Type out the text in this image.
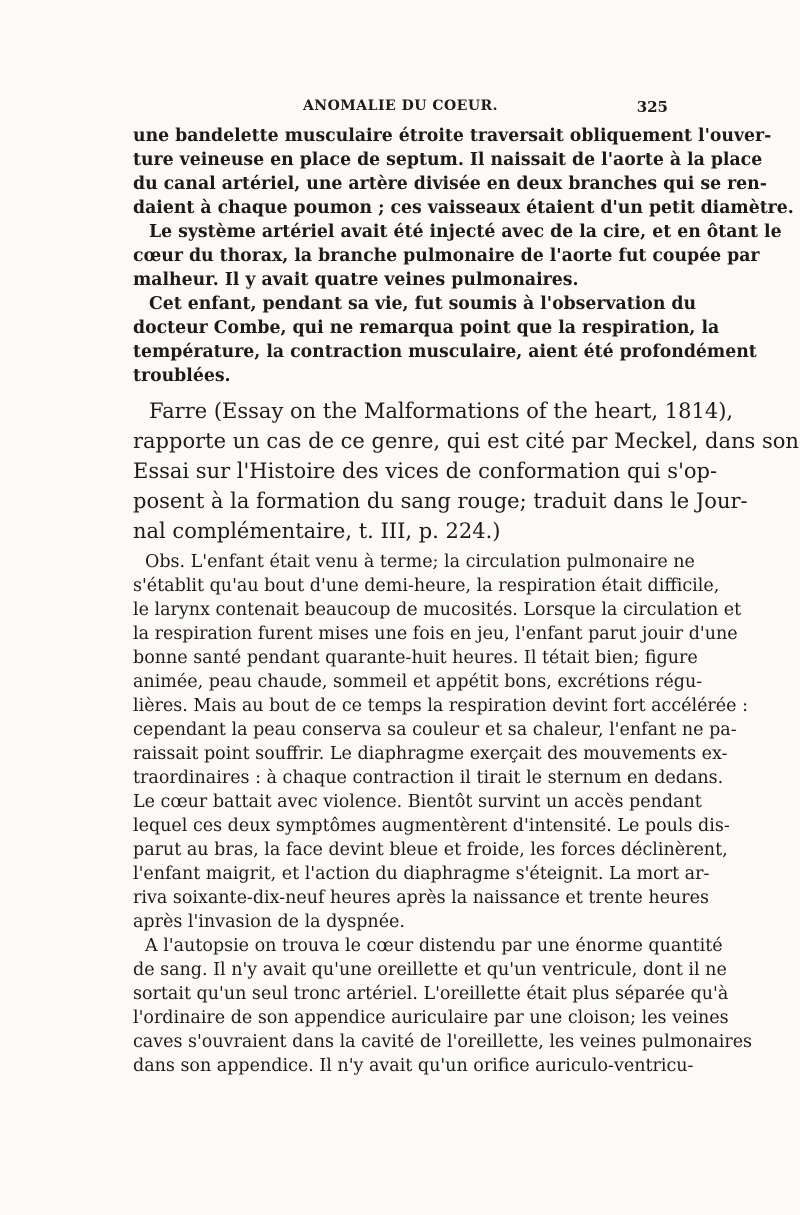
ANOMALIE DU COEUR.	325
une bandelette musculaire étroite traversait obliquement l'ouver-
ture veineuse en place de septum. Il naissait de l'aorte à la place
du canal artériel, une artère divisée en deux branches qui se ren-
daient à chaque poumon ; ces vaisseaux étaient d'un petit diamètre.
Le système artériel avait été injecté avec de la cire, et en ôtant le
cœur du thorax, la branche pulmonaire de l'aorte fut coupée par
malheur. Il y avait quatre veines pulmonaires.
Cet enfant, pendant sa vie, fut soumis à l'observation du
docteur Combe, qui ne remarqua point que la respiration, la
température, la contraction musculaire, aient été profondément
troublées.
Farre (Essay on the Malformations of the heart, 1814),
rapporte un cas de ce genre, qui est cité par Meckel, dans son
Essai sur l'Histoire des vices de conformation qui s'op-
posent à la formation du sang rouge; traduit dans le Jour-
nal complémentaire, t. III, p. 224.)
Obs. L'enfant était venu à terme; la circulation pulmonaire ne
s'établit qu'au bout d'une demi-heure, la respiration était difficile,
le larynx contenait beaucoup de mucosités. Lorsque la circulation et
la respiration furent mises une fois en jeu, l'enfant parut jouir d'une
bonne santé pendant quarante-huit heures. Il tétait bien; figure
animée, peau chaude, sommeil et appétit bons, excrétions régu-
lières. Mais au bout de ce temps la respiration devint fort accélérée :
cependant la peau conserva sa couleur et sa chaleur, l'enfant ne pa-
raissait point souffrir. Le diaphragme exerçait des mouvements ex-
traordinaires : à chaque contraction il tirait le sternum en dedans.
Le cœur battait avec violence. Bientôt survint un accès pendant
lequel ces deux symptômes augmentèrent d'intensité. Le pouls dis-
parut au bras, la face devint bleue et froide, les forces déclinèrent,
l'enfant maigrit, et l'action du diaphragme s'éteignit. La mort ar-
riva soixante-dix-neuf heures après la naissance et trente heures
après l'invasion de la dyspnée.
A l'autopsie on trouva le cœur distendu par une énorme quantité
de sang. Il n'y avait qu'une oreillette et qu'un ventricule, dont il ne
sortait qu'un seul tronc artériel. L'oreillette était plus séparée qu'à
l'ordinaire de son appendice auriculaire par une cloison; les veines
caves s'ouvraient dans la cavité de l'oreillette, les veines pulmonaires
dans son appendice. Il n'y avait qu'un orifice auriculo-ventricu-
